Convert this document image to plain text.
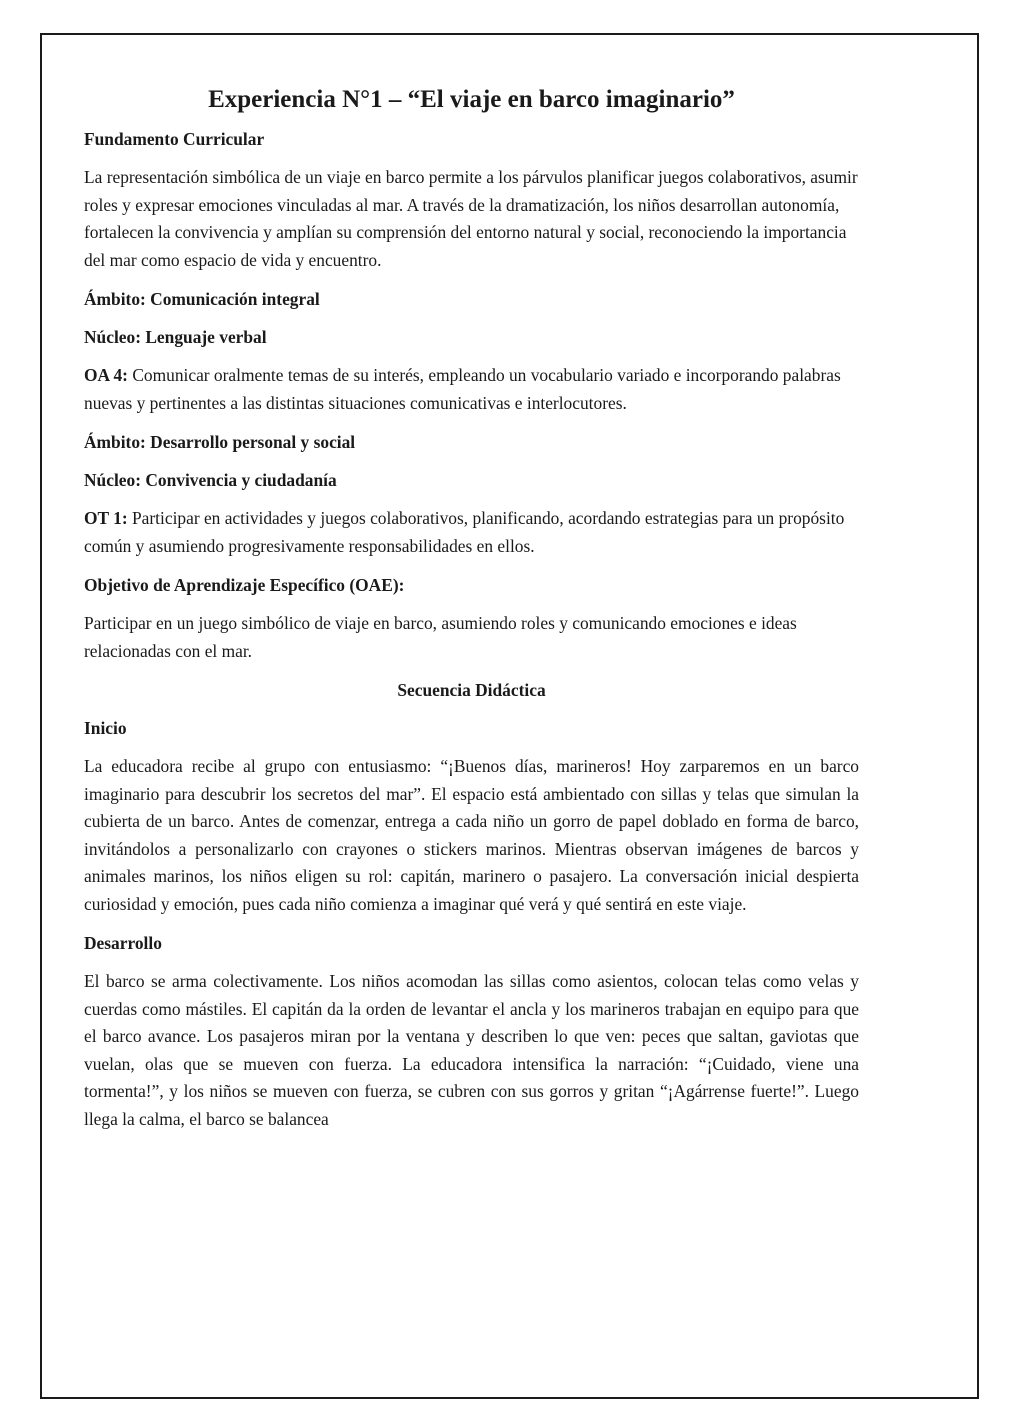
Experiencia N°1 – “El viaje en barco imaginario”
Fundamento Curricular

La representación simbólica de un viaje en barco permite a los párvulos planificar juegos colaborativos, asumir roles y expresar emociones vinculadas al mar. A través de la dramatización, los niños desarrollan autonomía, fortalecen la convivencia y amplían su comprensión del entorno natural y social, reconociendo la importancia del mar como espacio de vida y encuentro.

Ámbito: Comunicación integral
Núcleo: Lenguaje verbal

OA 4: Comunicar oralmente temas de su interés, empleando un vocabulario variado e incorporando palabras nuevas y pertinentes a las distintas situaciones comunicativas e interlocutores.

Ámbito: Desarrollo personal y social
Núcleo: Convivencia y ciudadanía

OT 1: Participar en actividades y juegos colaborativos, planificando, acordando estrategias para un propósito común y asumiendo progresivamente responsabilidades en ellos.

Objetivo de Aprendizaje Específico (OAE):

Participar en un juego simbólico de viaje en barco, asumiendo roles y comunicando emociones e ideas relacionadas con el mar.

Secuencia Didáctica
Inicio

La educadora recibe al grupo con entusiasmo: “¡Buenos días, marineros! Hoy zarparemos en un barco imaginario para descubrir los secretos del mar”. El espacio está ambientado con sillas y telas que simulan la cubierta de un barco. Antes de comenzar, entrega a cada niño un gorro de papel doblado en forma de barco, invitándolos a personalizarlo con crayones o stickers marinos. Mientras observan imágenes de barcos y animales marinos, los niños eligen su rol: capitán, marinero o pasajero. La conversación inicial despierta curiosidad y emoción, pues cada niño comienza a imaginar qué verá y qué sentirá en este viaje.

Desarrollo

El barco se arma colectivamente. Los niños acomodan las sillas como asientos, colocan telas como velas y cuerdas como mástiles. El capitán da la orden de levantar el ancla y los marineros trabajan en equipo para que el barco avance. Los pasajeros miran por la ventana y describen lo que ven: peces que saltan, gaviotas que vuelan, olas que se mueven con fuerza. La educadora intensifica la narración: “¡Cuidado, viene una tormenta!”, y los niños se mueven con fuerza, se cubren con sus gorros y gritan “¡Agárrense fuerte!”. Luego llega la calma, el barco se balancea
